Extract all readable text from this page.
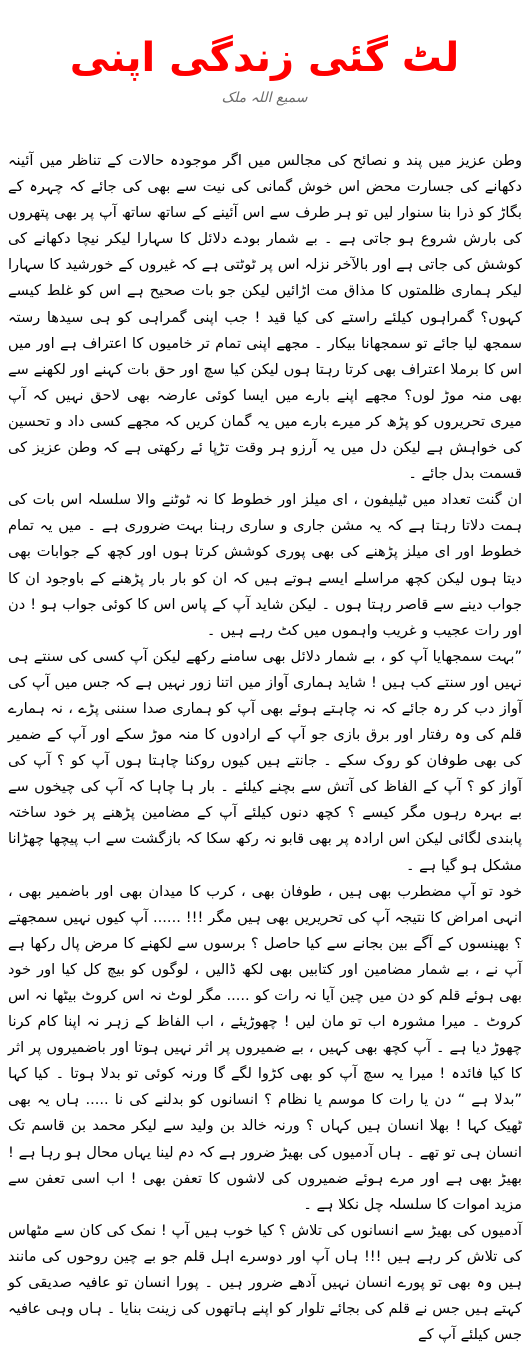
لٹ گئی زندگی اپنی
سمیع اللہ ملک

وطن عزیز میں پند و نصائح کی مجالس میں اگر موجودہ حالات کے تناظر میں آئینہ دکھانے کی جسارت محض اس خوش گمانی کی نیت سے بھی کی جائے کہ چہرہ کے بگاڑ کو ذرا بنا سنوار لیں تو ہر طرف سے اس آئینے کے ساتھ ساتھ آپ پر بھی پتھروں کی بارش شروع ہو جاتی ہے ۔ بے شمار بودے دلائل کا سہارا لیکر نیچا دکھانے کی کوشش کی جاتی ہے اور بالآخر نزلہ اس پر ٹوٹتی ہے کہ غیروں کے خورشید کا سہارا لیکر ہماری ظلمتوں کا مذاق مت اڑائیں لیکن جو بات صحیح ہے اس کو غلط کیسے کہوں؟ گمراہوں کیلئے راستے کی کیا قید ! جب اپنی گمراہی کو ہی سیدھا رستہ سمجھ لیا جائے تو سمجھانا بیکار ۔ مجھے اپنی تمام تر خامیوں کا اعتراف ہے اور میں اس کا برملا اعتراف بھی کرتا رہتا ہوں لیکن کیا سچ اور حق بات کہنے اور لکھنے سے بھی منہ موڑ لوں؟ مجھے اپنے بارے میں ایسا کوئی عارضہ بھی لاحق نہیں کہ آپ میری تحریروں کو پڑھ کر میرے بارے میں یہ گمان کریں کہ مجھے کسی داد و تحسین کی خواہش ہے لیکن دل میں یہ آرزو ہر وقت تڑپا ئے رکھتی ہے کہ وطن عزیز کی قسمت بدل جائے ۔

ان گنت تعداد میں ٹیلیفون ، ای میلز اور خطوط کا نہ ٹوٹنے والا سلسلہ اس بات کی ہمت دلاتا رہتا ہے کہ یہ مشن جاری و ساری رہنا بہت ضروری ہے ۔ میں یہ تمام خطوط اور ای میلز پڑھنے کی بھی پوری کوشش کرتا ہوں اور کچھ کے جوابات بھی دیتا ہوں لیکن کچھ مراسلے ایسے ہوتے ہیں کہ ان کو بار بار پڑھنے کے باوجود ان کا جواب دینے سے قاصر رہتا ہوں ۔ لیکن شاید آپ کے پاس اس کا کوئی جواب ہو ! دن اور رات عجیب و غریب واہموں میں کٹ رہے ہیں ۔

”بہت سمجھایا آپ کو ، بے شمار دلائل بھی سامنے رکھے لیکن آپ کسی کی سنتے ہی نہیں اور سنتے کب ہیں ! شاید ہماری آواز میں اتنا زور نہیں ہے کہ جس میں آپ کی آواز دب کر رہ جائے کہ نہ چاہتے ہوئے بھی آپ کو ہماری صدا سننی پڑے ، نہ ہمارے قلم کی وہ رفتار اور برق بازی جو آپ کے ارادوں کا منہ موڑ سکے اور آپ کے ضمیر کی بھی طوفان کو روک سکے ۔ جانتے ہیں کیوں روکنا چاہتا ہوں آپ کو ؟ آپ کی آواز کو ؟ آپ کے الفاظ کی آتش سے بچنے کیلئے ۔ بار ہا چاہا کہ آپ کی چیخوں سے بے بہرہ رہوں مگر کیسے ؟ کچھ دنوں کیلئے آپ کے مضامین پڑھنے پر خود ساختہ پابندی لگائی لیکن اس ارادہ پر بھی قابو نہ رکھ سکا کہ بازگشت سے اب پیچھا چھڑانا مشکل ہو گیا ہے ۔

خود تو آپ مضطرب بھی ہیں ، طوفان بھی ، کرب کا میدان بھی اور باضمیر بھی ، انہی امراض کا نتیجہ آپ کی تحریریں بھی ہیں مگر !!! ...... آپ کیوں نہیں سمجھتے ؟ بھینسوں کے آگے بین بجانے سے کیا حاصل ؟ برسوں سے لکھنے کا مرض پال رکھا ہے آپ نے ، بے شمار مضامین اور کتابیں بھی لکھ ڈالیں ، لوگوں کو بیچ کل کیا اور خود بھی ہوئے قلم کو دن میں چین آیا نہ رات کو ..... مگر لوٹ نہ اس کروٹ بیٹھا نہ اس کروٹ ۔ میرا مشورہ اب تو مان لیں ! چھوڑیئے ، اب الفاظ کے زہر نہ اپنا کام کرنا چھوڑ دیا ہے ۔ آپ کچھ بھی کہیں ، بے ضمیروں پر اثر نہیں ہوتا اور باضمیروں پر اثر کا کیا فائدہ ! میرا یہ سچ آپ کو بھی کڑوا لگے گا ورنہ کوئی تو بدلا ہوتا ۔ کیا کہا ”بدلا ہے “ دن یا رات کا موسم یا نظام ؟ انسانوں کو بدلنے کی نا ..... ہاں یہ بھی ٹھیک کہا ! بھلا انسان ہیں کہاں ؟ ورنہ خالد بن ولید سے لیکر محمد بن قاسم تک انسان ہی تو تھے ۔ ہاں آدمیوں کی بھیڑ ضرور ہے کہ دم لینا یہاں محال ہو رہا ہے ! بھیڑ بھی ہے اور مرے ہوئے ضمیروں کی لاشوں کا تعفن بھی ! اب اسی تعفن سے مزید اموات کا سلسلہ چل نکلا ہے ۔

آدمیوں کی بھیڑ سے انسانوں کی تلاش ؟ کیا خوب ہیں آپ ! نمک کی کان سے مٹھاس کی تلاش کر رہے ہیں !!! ہاں آپ اور دوسرے اہل قلم جو بے چین روحوں کی مانند ہیں وہ بھی تو پورے انسان نہیں آدھے ضرور ہیں ۔ پورا انسان تو عافیہ صدیقی کو کہتے ہیں جس نے قلم کی بجائے تلوار کو اپنے ہاتھوں کی زینت بنایا ۔ ہاں وہی عافیہ جس کیلئے آپ کے
